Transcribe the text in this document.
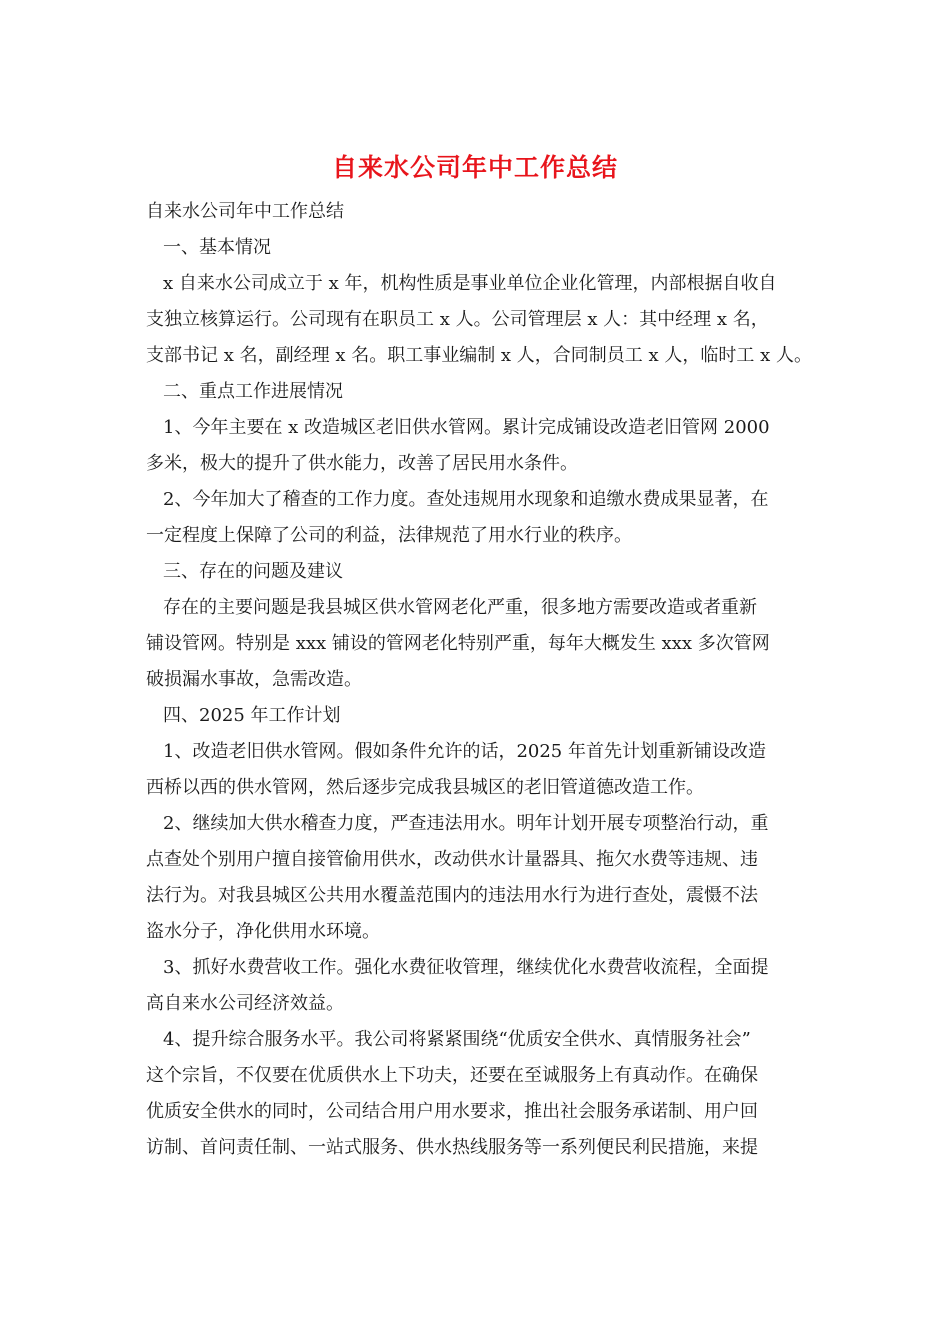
自来水公司年中工作总结
自来水公司年中工作总结
一、基本情况
x 自来水公司成立于 x 年，机构性质是事业单位企业化管理，内部根据自收自
支独立核算运行。公司现有在职员工 x 人。公司管理层 x 人：其中经理 x 名，
支部书记 x 名，副经理 x 名。职工事业编制 x 人，合同制员工 x 人，临时工 x 人。
二、重点工作进展情况
1、今年主要在 x 改造城区老旧供水管网。累计完成铺设改造老旧管网 2000
多米，极大的提升了供水能力，改善了居民用水条件。
2、今年加大了稽查的工作力度。查处违规用水现象和追缴水费成果显著，在
一定程度上保障了公司的利益，法律规范了用水行业的秩序。
三、存在的问题及建议
存在的主要问题是我县城区供水管网老化严重，很多地方需要改造或者重新
铺设管网。特别是 xxx 铺设的管网老化特别严重，每年大概发生 xxx 多次管网
破损漏水事故，急需改造。
四、2025 年工作计划
1、改造老旧供水管网。假如条件允许的话，2025 年首先计划重新铺设改造
西桥以西的供水管网，然后逐步完成我县城区的老旧管道德改造工作。
2、继续加大供水稽查力度，严查违法用水。明年计划开展专项整治行动，重
点查处个别用户擅自接管偷用供水，改动供水计量器具、拖欠水费等违规、违
法行为。对我县城区公共用水覆盖范围内的违法用水行为进行查处，震慑不法
盗水分子，净化供用水环境。
3、抓好水费营收工作。强化水费征收管理，继续优化水费营收流程，全面提
高自来水公司经济效益。
4、提升综合服务水平。我公司将紧紧围绕“优质安全供水、真情服务社会”
这个宗旨，不仅要在优质供水上下功夫，还要在至诚服务上有真动作。在确保
优质安全供水的同时，公司结合用户用水要求，推出社会服务承诺制、用户回
访制、首问责任制、一站式服务、供水热线服务等一系列便民利民措施，来提
